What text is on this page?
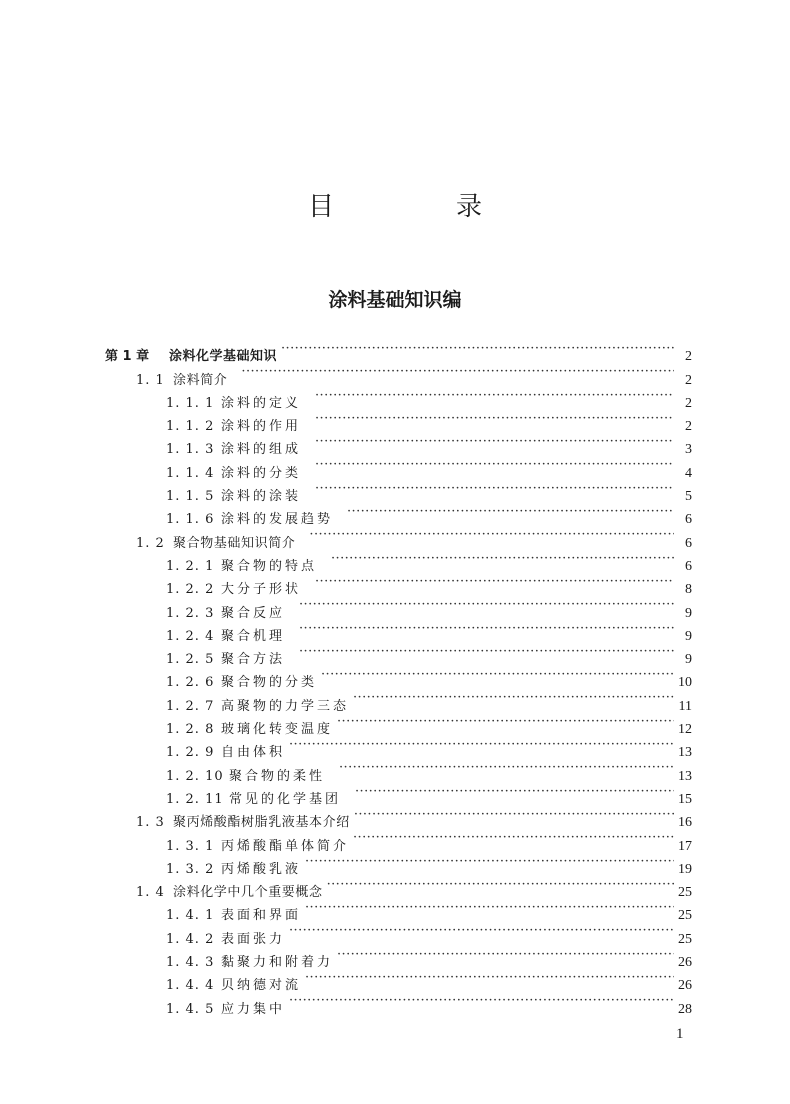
目　录
涂料基础知识编
第 1 章	涂料化学基础知识 ·····	2
1. 1 涂料简介 ·····	2
1. 1. 1 涂料的定义 ·····	2
1. 1. 2 涂料的作用 ·····	2
1. 1. 3 涂料的组成 ·····	3
1. 1. 4 涂料的分类 ·····	4
1. 1. 5 涂料的涂装 ·····	5
1. 1. 6 涂料的发展趋势 ·····	6
1. 2 聚合物基础知识简介 ·····	6
1. 2. 1 聚合物的特点 ·····	6
1. 2. 2 大分子形状 ·····	8
1. 2. 3 聚合反应 ·····	9
1. 2. 4 聚合机理 ·····	9
1. 2. 5 聚合方法 ·····	9
1. 2. 6 聚合物的分类 ·····	10
1. 2. 7 高聚物的力学三态 ·····	11
1. 2. 8 玻璃化转变温度 ·····	12
1. 2. 9 自由体积 ·····	13
1. 2. 10 聚合物的柔性 ·····	13
1. 2. 11 常见的化学基团 ·····	15
1. 3 聚丙烯酸酯树脂乳液基本介绍 ·····	16
1. 3. 1 丙烯酸酯单体简介 ·····	17
1. 3. 2 丙烯酸乳液 ·····	19
1. 4 涂料化学中几个重要概念 ·····	25
1. 4. 1 表面和界面 ·····	25
1. 4. 2 表面张力 ·····	25
1. 4. 3 黏聚力和附着力 ·····	26
1. 4. 4 贝纳德对流 ·····	26
1. 4. 5 应力集中 ·····	28
1
